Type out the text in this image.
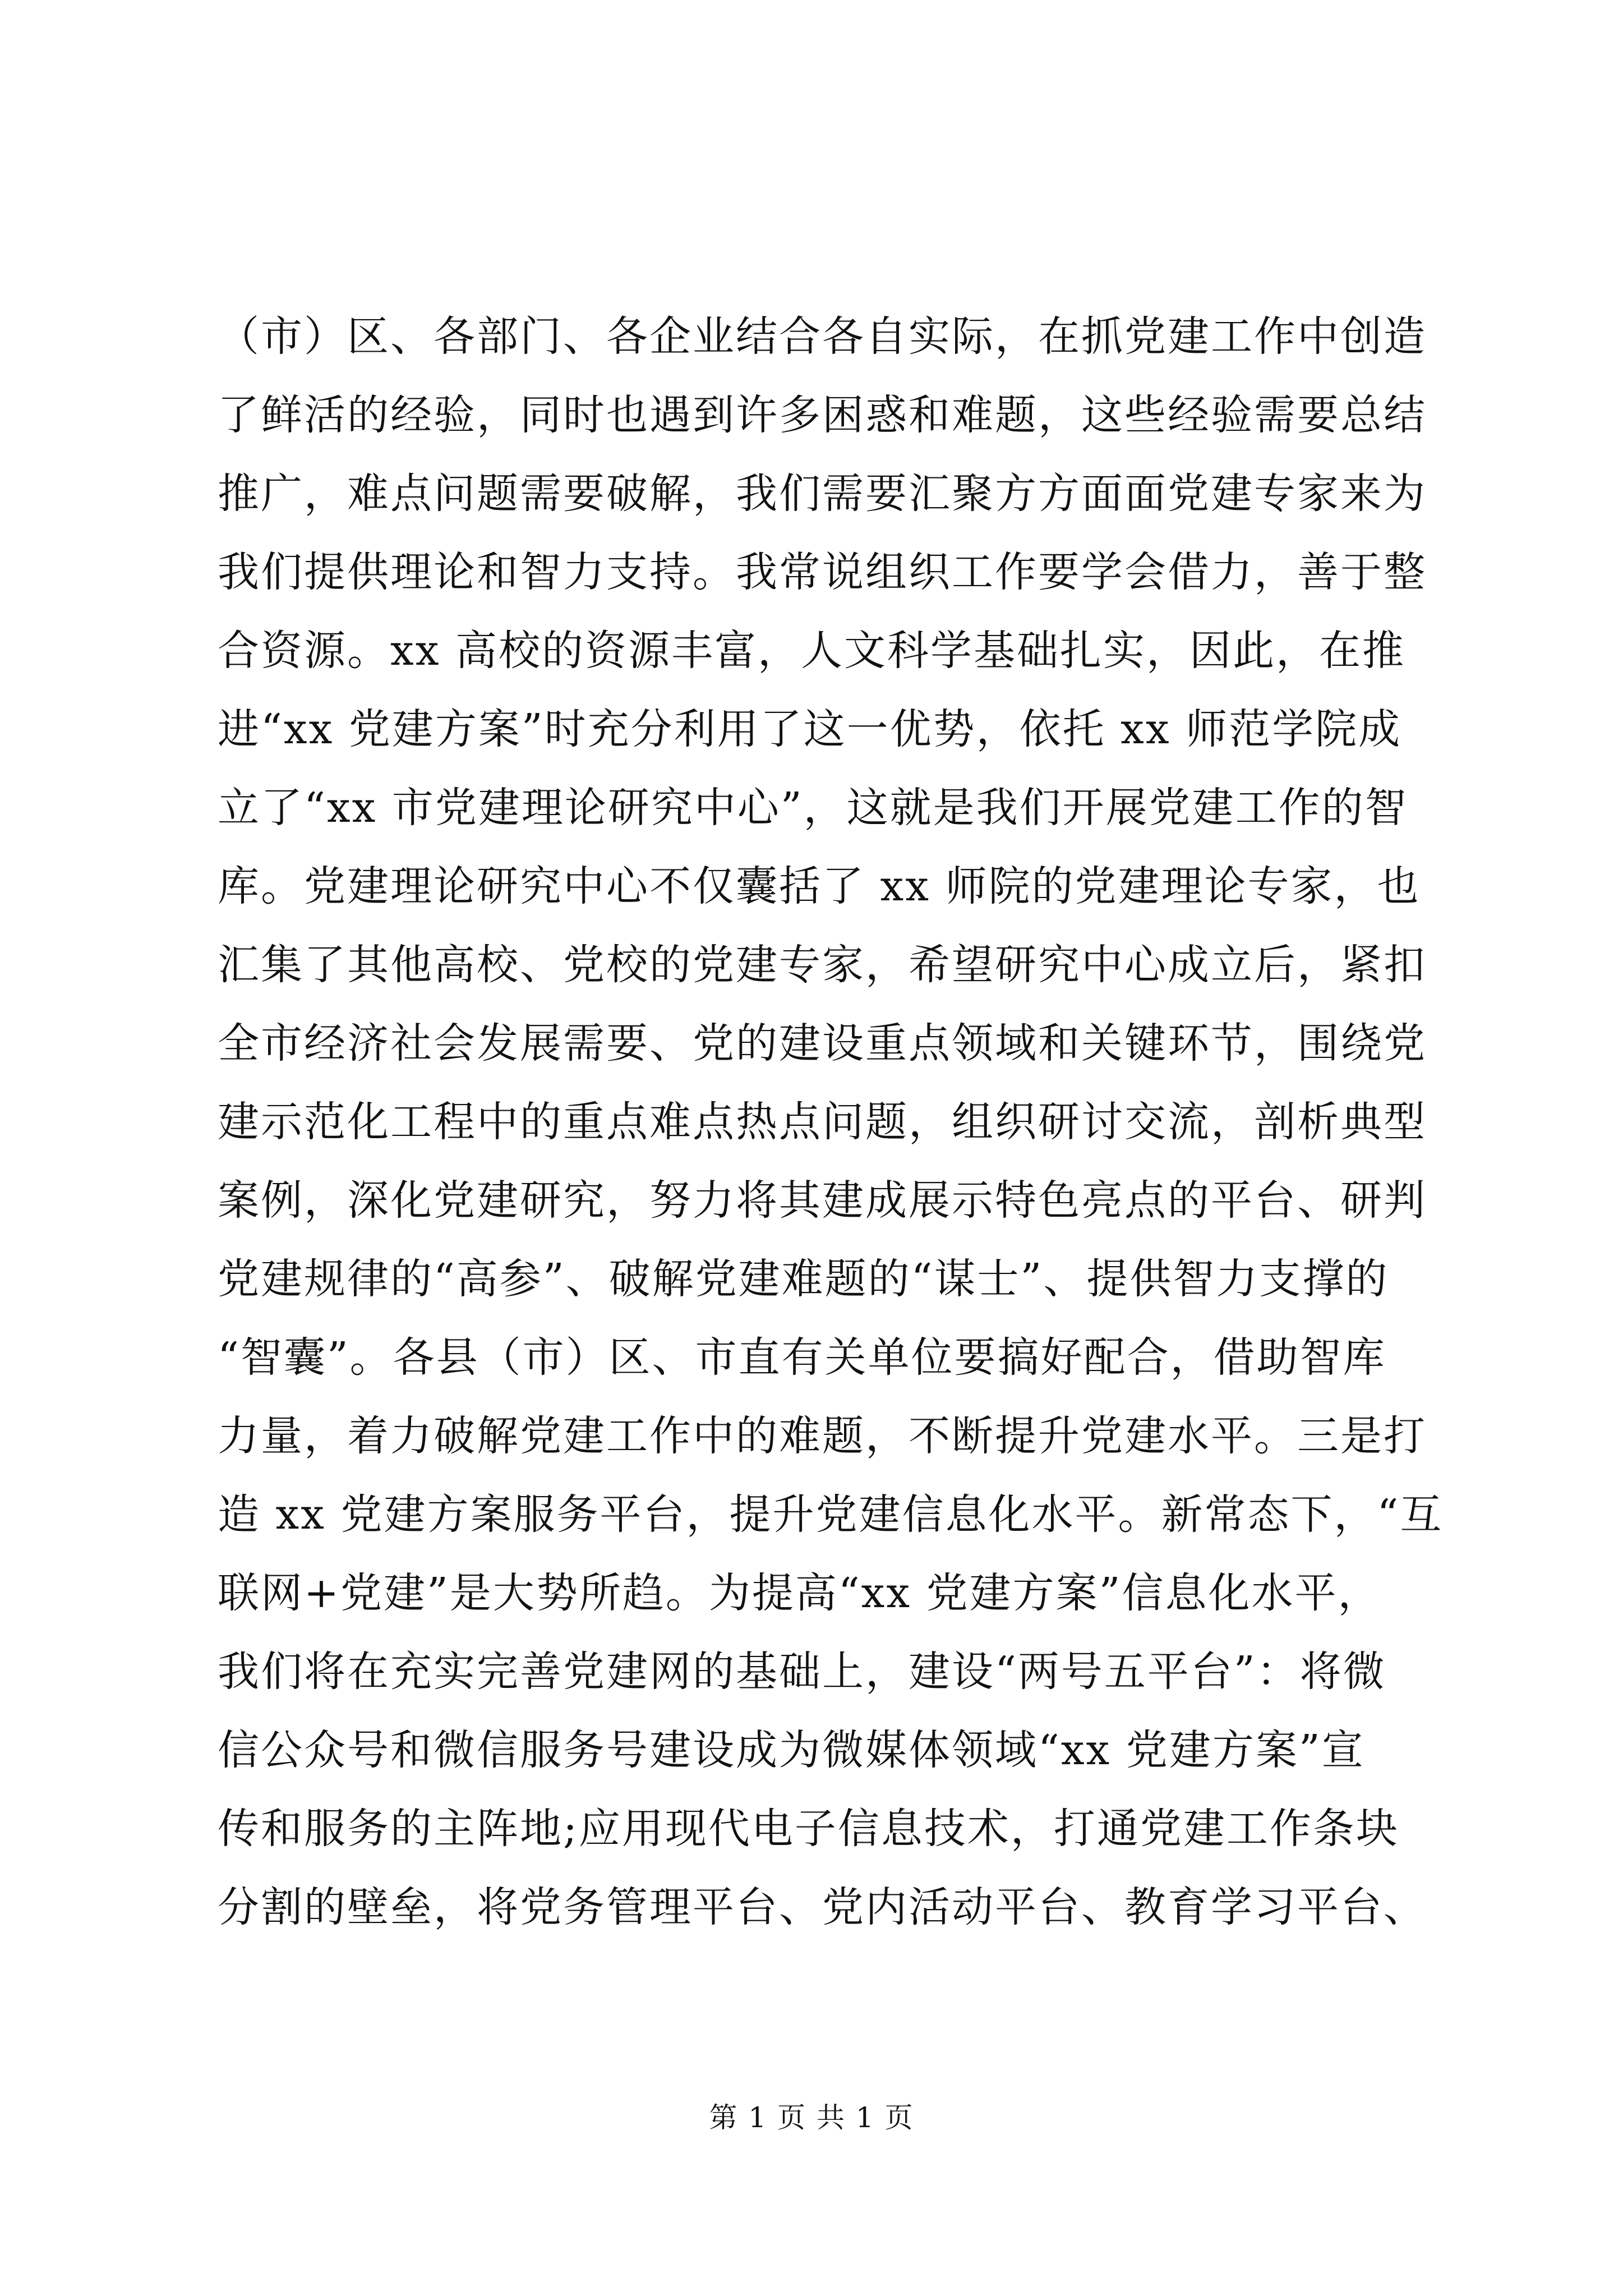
（市）区、各部门、各企业结合各自实际，在抓党建工作中创造
了鲜活的经验，同时也遇到许多困惑和难题，这些经验需要总结
推广，难点问题需要破解，我们需要汇聚方方面面党建专家来为
我们提供理论和智力支持。我常说组织工作要学会借力，善于整
合资源。xx 高校的资源丰富，人文科学基础扎实，因此，在推
进“xx 党建方案”时充分利用了这一优势，依托 xx 师范学院成
立了“xx 市党建理论研究中心”，这就是我们开展党建工作的智
库。党建理论研究中心不仅囊括了 xx 师院的党建理论专家，也
汇集了其他高校、党校的党建专家，希望研究中心成立后，紧扣
全市经济社会发展需要、党的建设重点领域和关键环节，围绕党
建示范化工程中的重点难点热点问题，组织研讨交流，剖析典型
案例，深化党建研究，努力将其建成展示特色亮点的平台、研判
党建规律的“高参”、破解党建难题的“谋士”、提供智力支撑的
“智囊”。各县（市）区、市直有关单位要搞好配合，借助智库
力量，着力破解党建工作中的难题，不断提升党建水平。三是打
造 xx 党建方案服务平台，提升党建信息化水平。新常态下，“互
联网+党建”是大势所趋。为提高“xx 党建方案”信息化水平，
我们将在充实完善党建网的基础上，建设“两号五平台”：将微
信公众号和微信服务号建设成为微媒体领域“xx 党建方案”宣
传和服务的主阵地;应用现代电子信息技术，打通党建工作条块
分割的壁垒，将党务管理平台、党内活动平台、教育学习平台、
第 1 页 共 1 页
